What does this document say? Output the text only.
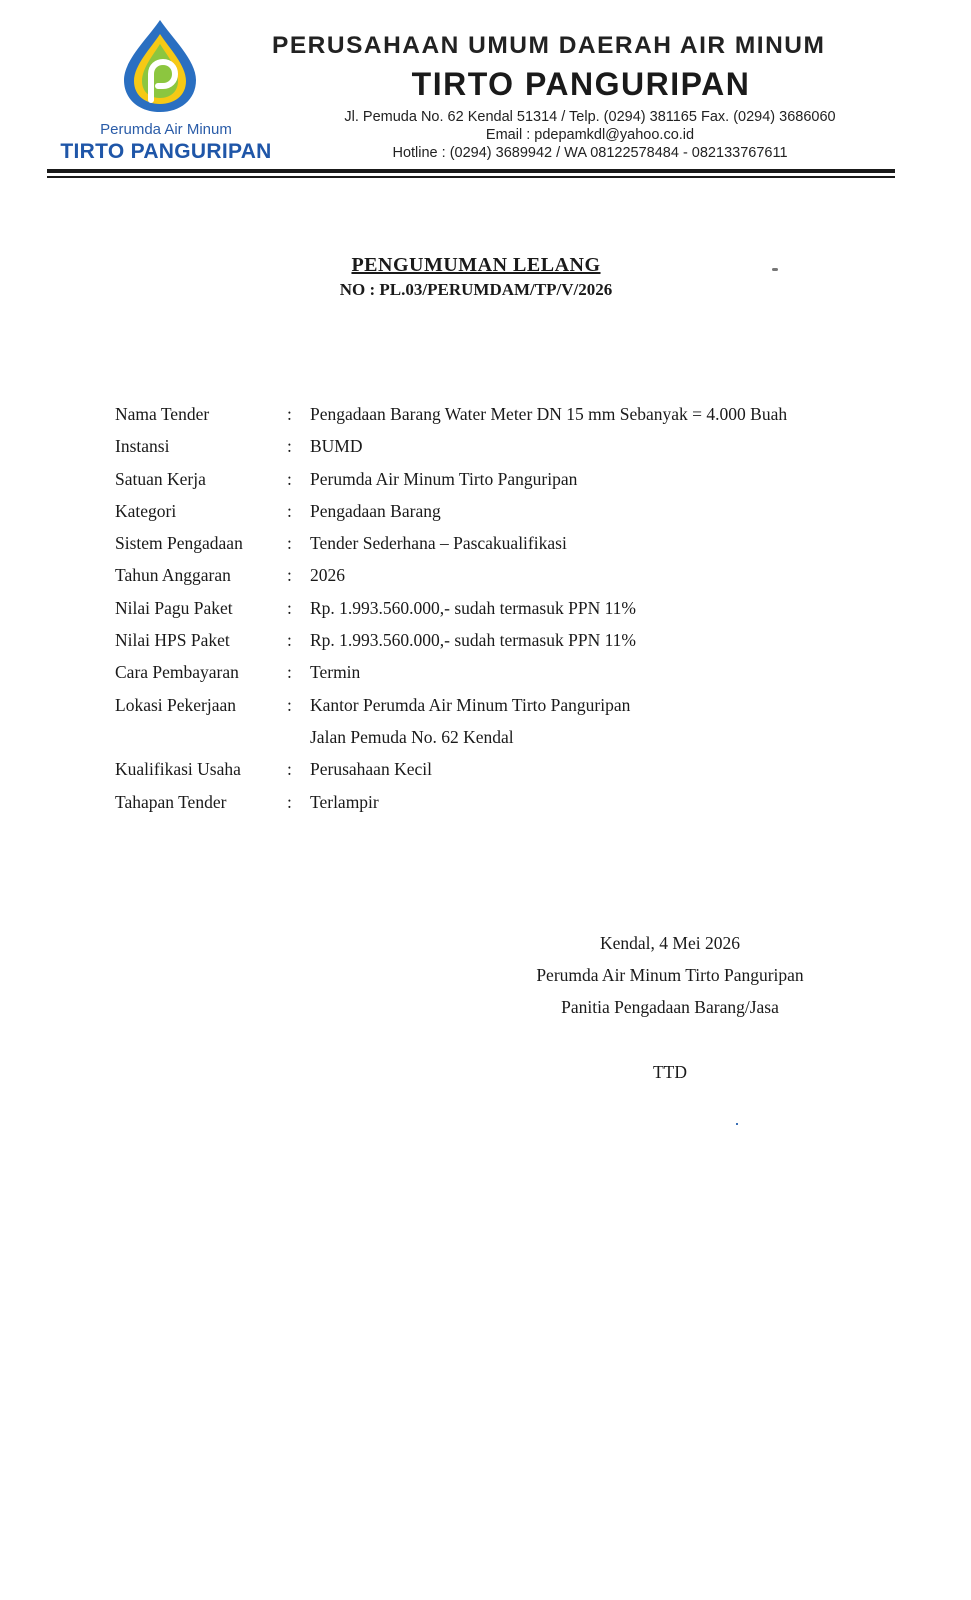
Perumda Air Minum
TIRTO PANGURIPAN
PERUSAHAAN UMUM DAERAH AIR MINUM
TIRTO PANGURIPAN
Jl. Pemuda No. 62 Kendal 51314 / Telp. (0294) 381165 Fax. (0294) 3686060
Email : pdepamkdl@yahoo.co.id
Hotline : (0294) 3689942 / WA 08122578484 - 082133767611
PENGUMUMAN LELANG
NO : PL.03/PERUMDAM/TP/V/2026
Nama Tender	: Pengadaan Barang Water Meter DN 15 mm Sebanyak = 4.000 Buah
Instansi	: BUMD
Satuan Kerja	: Perumda Air Minum Tirto Panguripan
Kategori	: Pengadaan Barang
Sistem Pengadaan	: Tender Sederhana – Pascakualifikasi
Tahun Anggaran	: 2026
Nilai Pagu Paket	: Rp. 1.993.560.000,- sudah termasuk PPN 11%
Nilai HPS Paket	: Rp. 1.993.560.000,- sudah termasuk PPN 11%
Cara Pembayaran	: Termin
Lokasi Pekerjaan	: Kantor Perumda Air Minum Tirto Panguripan
Jalan Pemuda No. 62 Kendal
Kualifikasi Usaha	: Perusahaan Kecil
Tahapan Tender	: Terlampir
Kendal, 4 Mei 2026
Perumda Air Minum Tirto Panguripan
Panitia Pengadaan Barang/Jasa
TTD
